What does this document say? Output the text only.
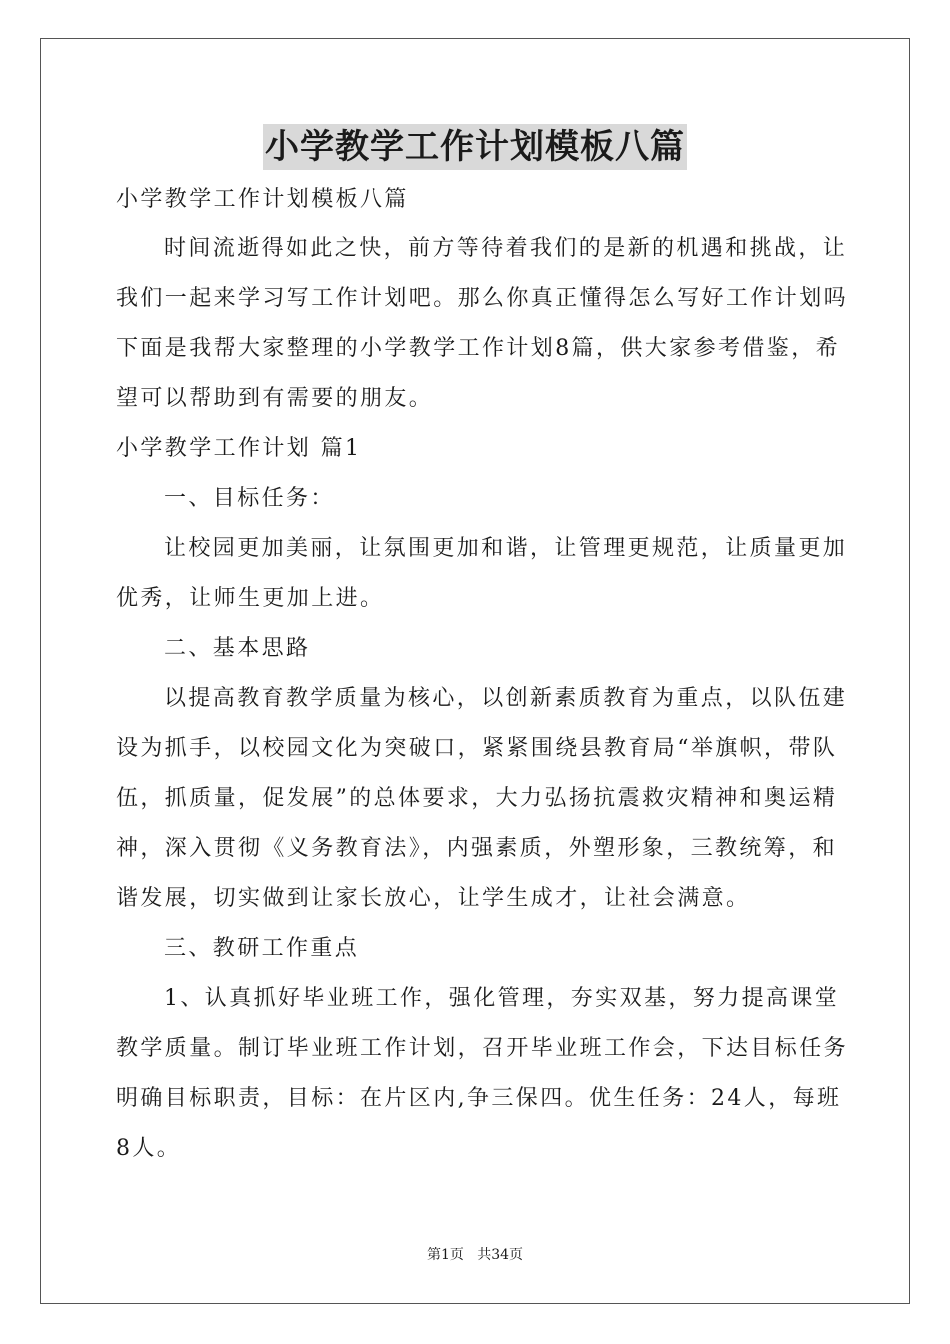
小学教学工作计划模板八篇
小学教学工作计划模板八篇
时间流逝得如此之快，前方等待着我们的是新的机遇和挑战，让
我们一起来学习写工作计划吧。那么你真正懂得怎么写好工作计划吗
下面是我帮大家整理的小学教学工作计划8篇，供大家参考借鉴，希
望可以帮助到有需要的朋友。
小学教学工作计划 篇1
一、目标任务：
让校园更加美丽，让氛围更加和谐，让管理更规范，让质量更加
优秀，让师生更加上进。
二、基本思路
以提高教育教学质量为核心，以创新素质教育为重点，以队伍建
设为抓手，以校园文化为突破口，紧紧围绕县教育局“举旗帜，带队
伍，抓质量，促发展”的总体要求，大力弘扬抗震救灾精神和奥运精
神，深入贯彻《义务教育法》，内强素质，外塑形象，三教统筹，和
谐发展，切实做到让家长放心，让学生成才，让社会满意。
三、教研工作重点
1、认真抓好毕业班工作，强化管理，夯实双基，努力提高课堂
教学质量。制订毕业班工作计划，召开毕业班工作会，下达目标任务
明确目标职责，目标：在片区内,争三保四。优生任务：24人，每班
8人。
第1页   共34页
